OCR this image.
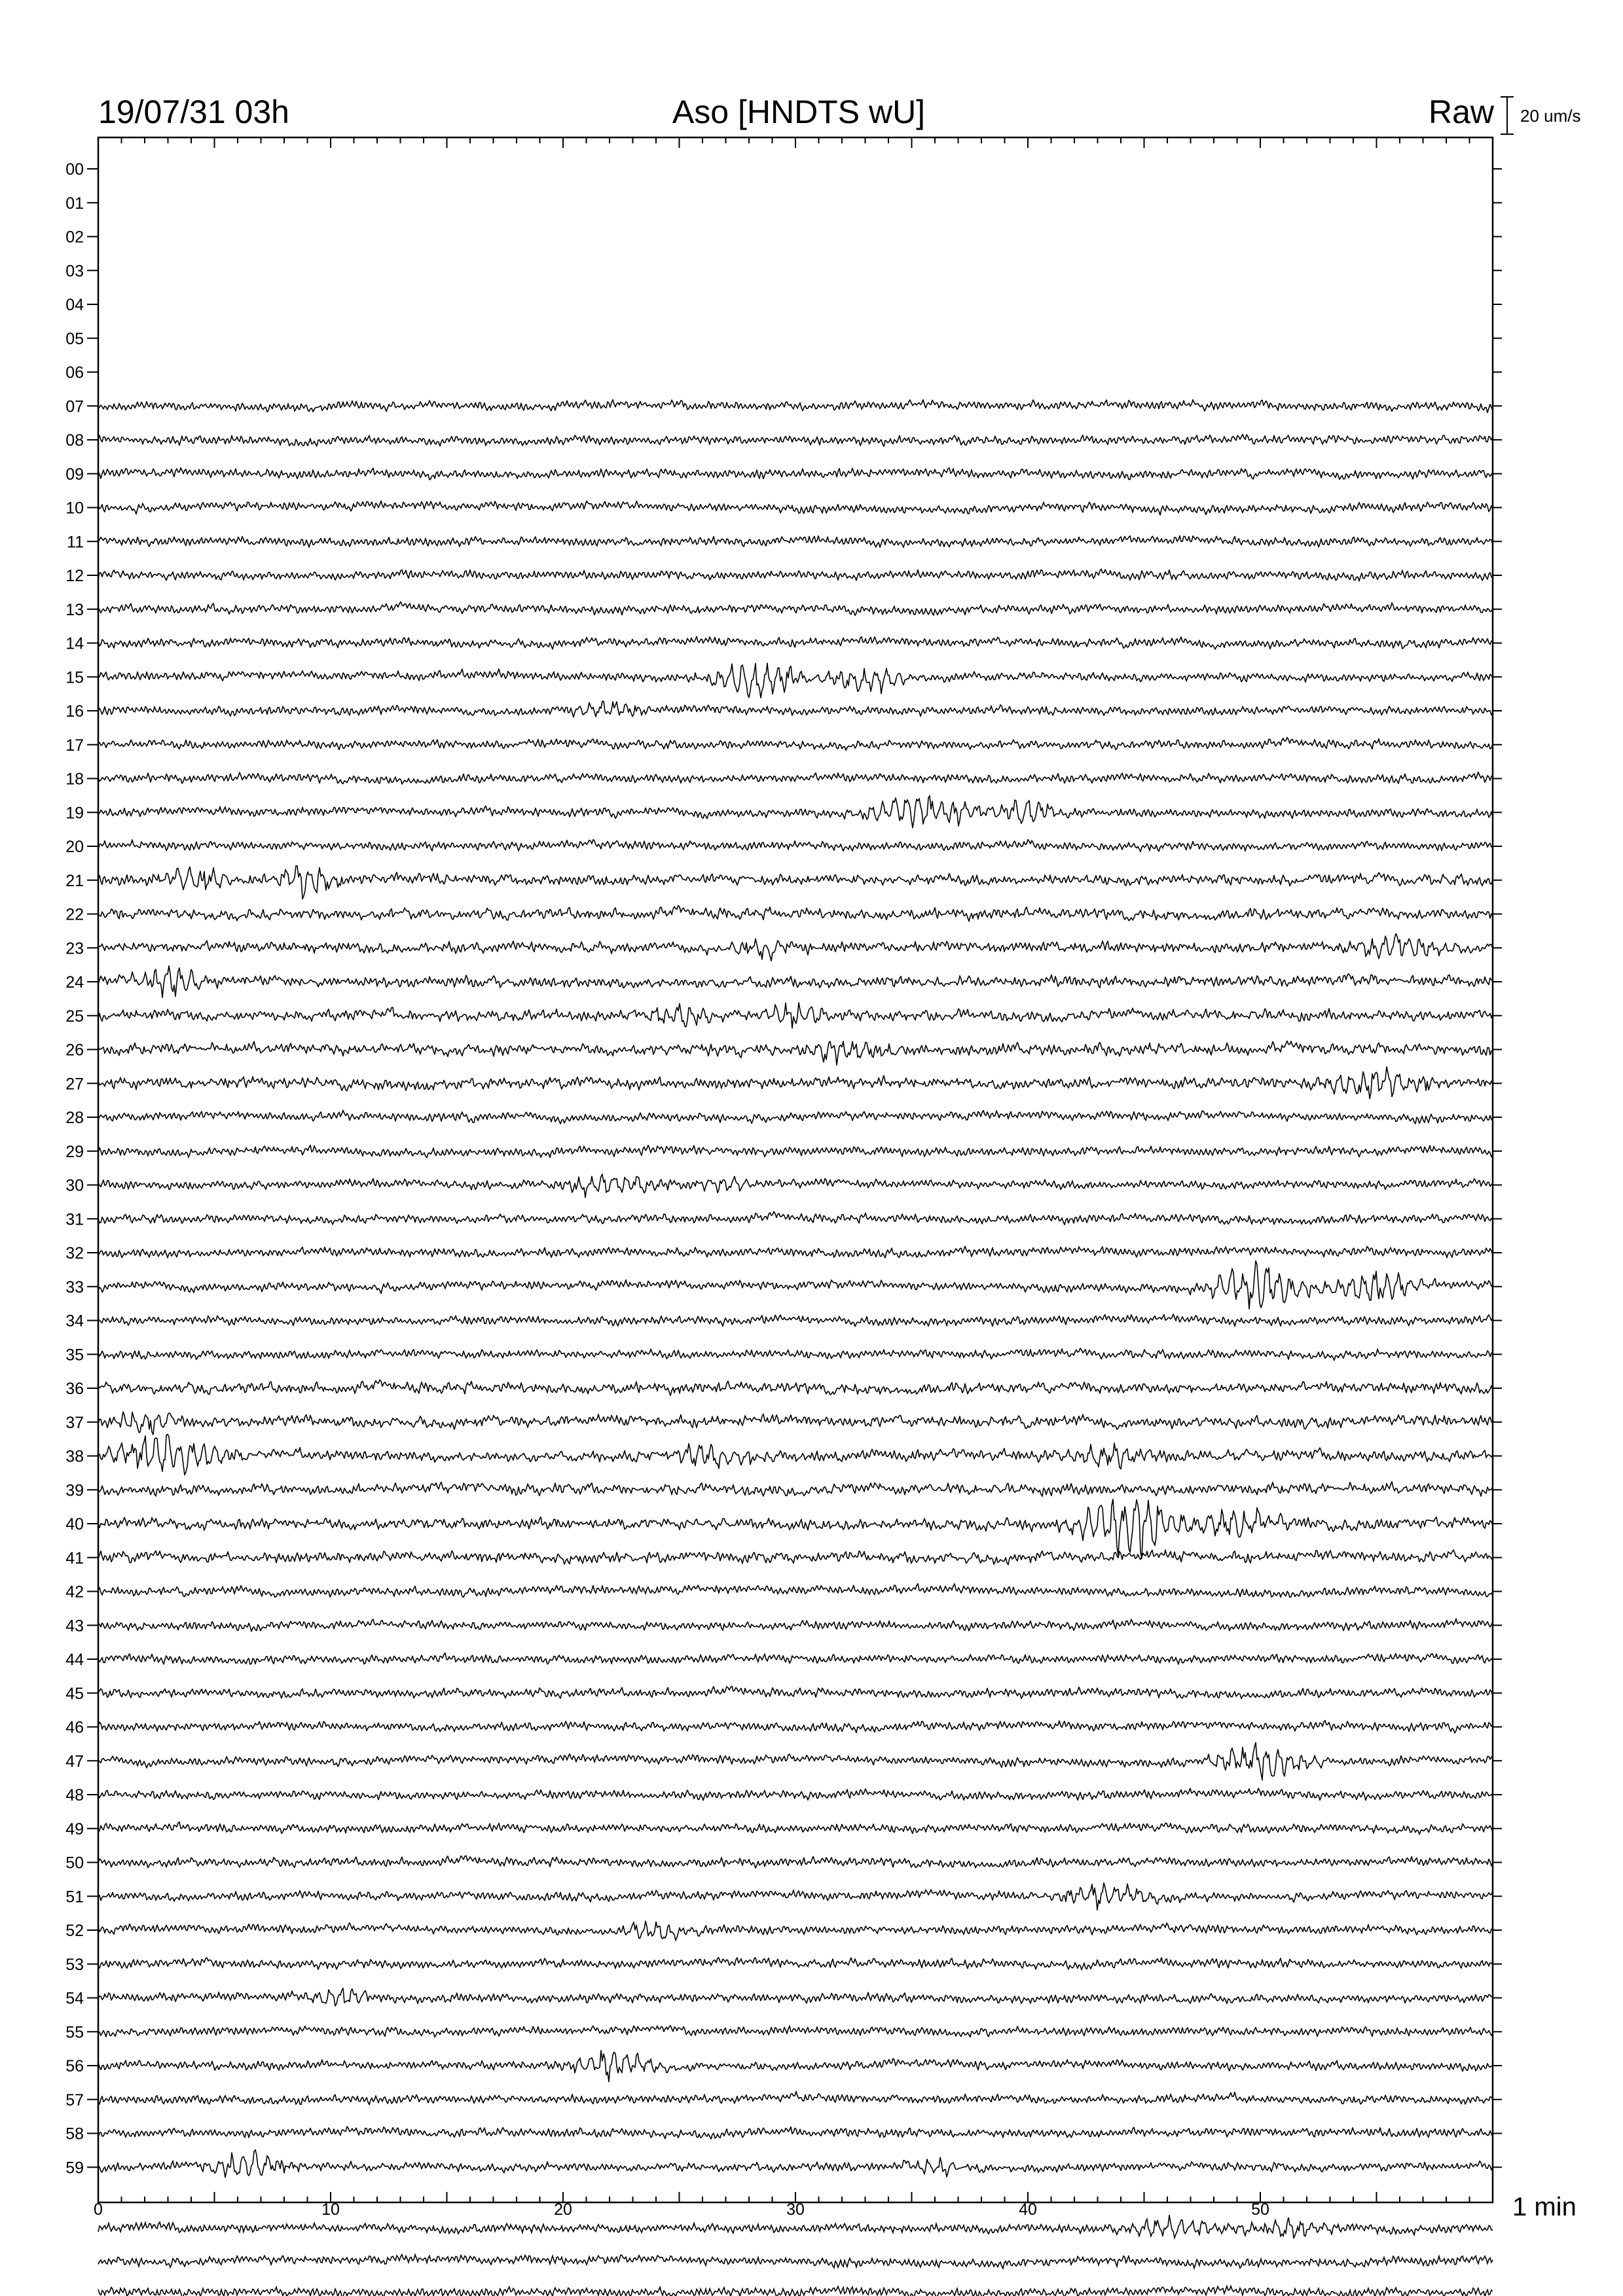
19/07/31 03h	Aso [HNDTS wU]	Raw 20 um/s
00
01
02
03
04
05
06
07
08
09
10
11
12
13
14
15
16
17
18
19
20
21
22
23
24
25
26
27
28
29
30
31
32
33
34
35
36
37
38
39
40
41
42
43
44
45
46
47
48
49
50
51
52
53
54
55
56
57
58
59
0	10	20	30	40	50	1 min
